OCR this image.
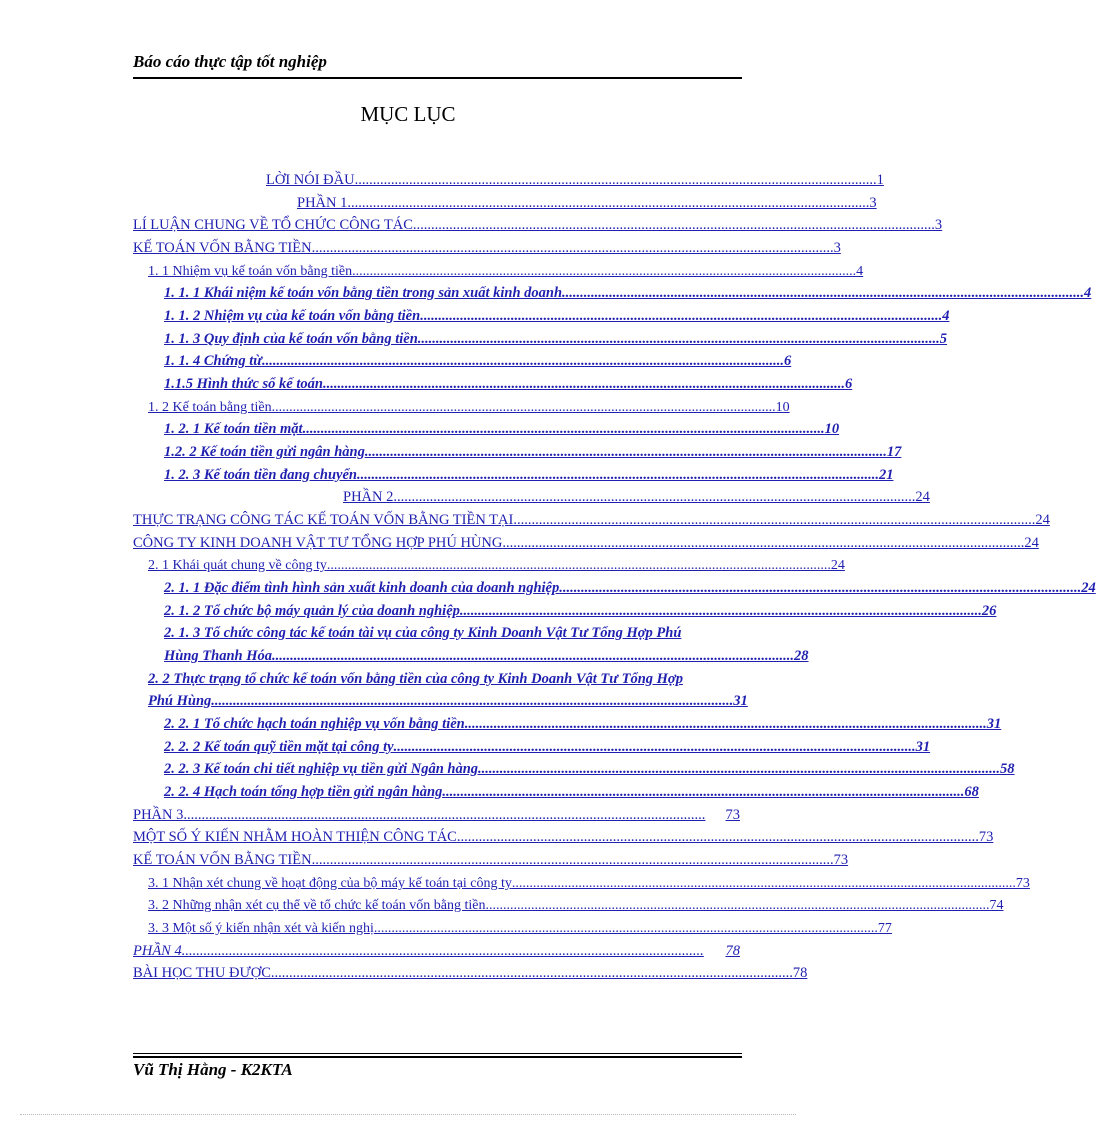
Báo cáo thực tập tốt nghiệp
MỤC LỤC
LỜI NÓI ĐẦU ................................................................................................................................................ 1
PHẦN 1 ................................................................................................................................................ 3
LÍ LUẬN CHUNG VỀ TỔ CHỨC CÔNG TÁC ................................................................................................................................................ 3
KẾ TOÁN VỐN BẰNG TIỀN ................................................................................................................................................ 3
1. 1 Nhiệm vụ kế toán vốn bằng tiền ................................................................................................................................................ 4
1. 1. 1 Khái niệm kế toán vốn bằng tiền trong sản xuất kinh doanh ................................................................................................................................................ 4
1. 1. 2 Nhiệm vụ của kế toán vốn bằng tiền ................................................................................................................................................ 4
1. 1. 3 Quy định của kế toán vốn bằng tiền ................................................................................................................................................ 5
1. 1. 4 Chứng từ ................................................................................................................................................ 6
1.1.5 Hình thức sổ kế toán ................................................................................................................................................ 6
1. 2 Kế toán bằng tiền ................................................................................................................................................ 10
1. 2. 1 Kế toán tiền mặt ................................................................................................................................................ 10
1.2. 2 Kế toán tiền gửi ngân hàng ................................................................................................................................................ 17
1. 2. 3 Kế toán tiền đang chuyển ................................................................................................................................................ 21
PHẦN 2 ................................................................................................................................................ 24
THỰC TRẠNG CÔNG TÁC KẾ TOÁN VỐN BẰNG TIỀN TẠI ................................................................................................................................................ 24
CÔNG TY KINH DOANH VẬT TƯ TỔNG HỢP PHÚ HÙNG ................................................................................................................................................ 24
2. 1 Khái quát chung về công ty ................................................................................................................................................ 24
2. 1. 1 Đặc điểm tình hình sản xuất kinh doanh của doanh nghiệp ................................................................................................................................................ 24
2. 1. 2 Tổ chức bộ máy quản lý của doanh nghiệp ................................................................................................................................................ 26
2. 1. 3 Tổ chức công tác kế toán tài vụ của công ty Kinh Doanh Vật Tư Tổng Hợp Phú
Hùng Thanh Hóa ................................................................................................................................................ 28
2. 2 Thực trạng tổ chức kế toán vốn bằng tiền của công ty Kinh Doanh Vật Tư Tổng Hợp
Phú Hùng ................................................................................................................................................ 31
2. 2. 1 Tổ chức hạch toán nghiệp vụ vốn bằng tiền ................................................................................................................................................ 31
2. 2. 2 Kế toán quỹ tiền mặt tại công ty ................................................................................................................................................ 31
2. 2. 3 Kế toán chi tiết nghiệp vụ tiền gửi Ngân hàng ................................................................................................................................................ 58
2. 2. 4 Hạch toán tổng hợp tiền gửi ngân hàng ................................................................................................................................................ 68
PHẦN 3 ................................................................................................................................................	73
MỘT SỐ Ý KIẾN NHẰM HOÀN THIỆN CÔNG TÁC ................................................................................................................................................ 73
KẾ TOÁN VỐN BẰNG TIỀN ................................................................................................................................................ 73
3. 1 Nhận xét chung về hoạt động của bộ máy kế toán tại công ty ................................................................................................................................................ 73
3. 2 Những nhận xét cụ thể về tổ chức kế toán vốn bằng tiền ................................................................................................................................................ 74
3. 3 Một số ý kiến nhận xét và kiến nghị ................................................................................................................................................ 77
PHẦN 4 ................................................................................................................................................	78
BÀI HỌC THU ĐƯỢC ................................................................................................................................................ 78
Vũ Thị Hằng - K2KTA
